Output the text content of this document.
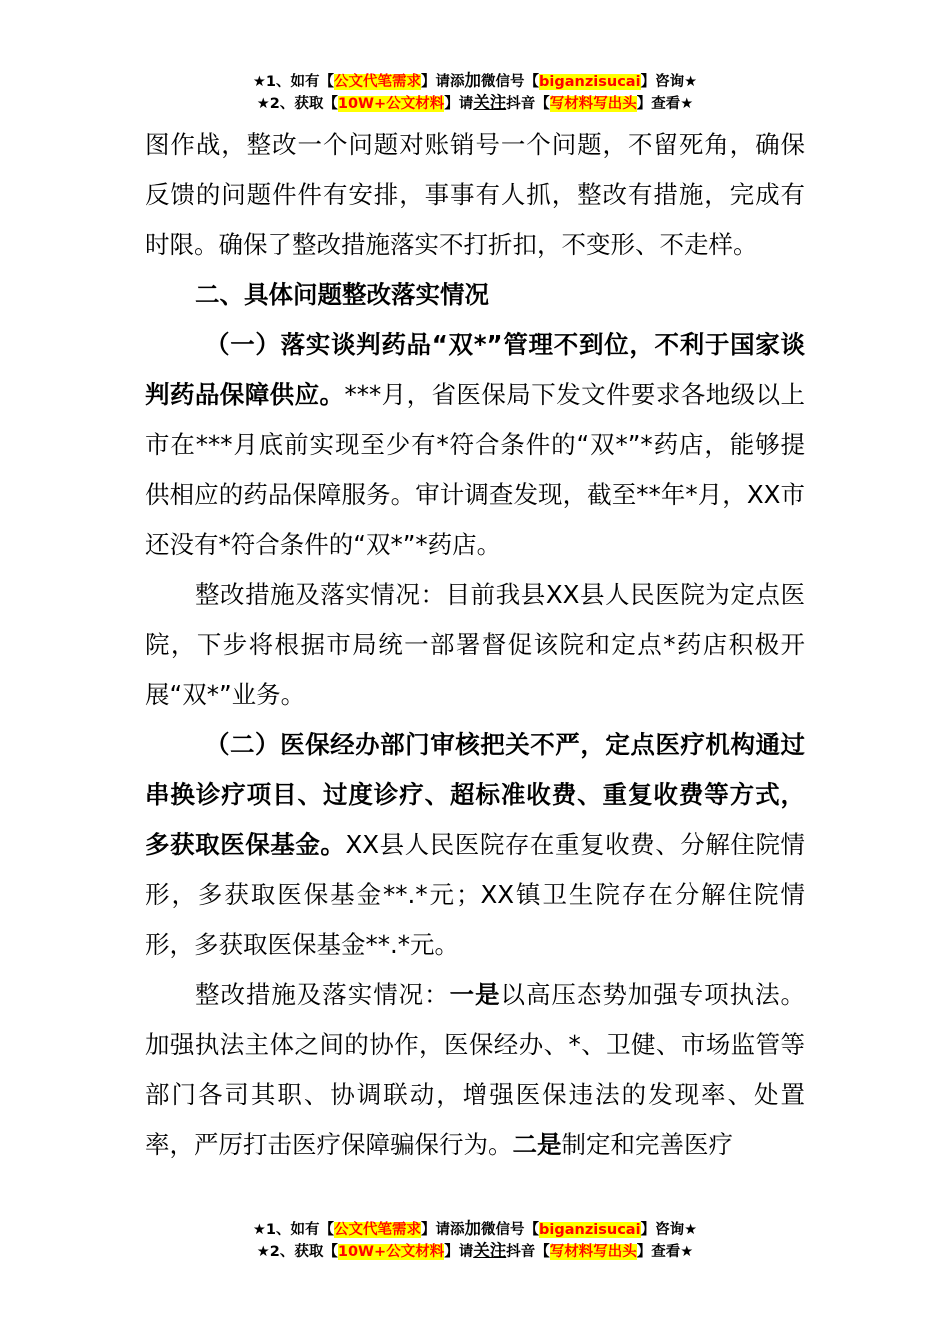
★1、如有【公文代笔需求】请添加微信号【biganzisucai】咨询★
★2、获取【10W+公文材料】请关注抖音【写材料写出头】查看★

图作战，整改一个问题对账销号一个问题，不留死角，确保反馈的问题件件有安排，事事有人抓，整改有措施，完成有时限。确保了整改措施落实不打折扣，不变形、不走样。

二、具体问题整改落实情况

（一）落实谈判药品“双*”管理不到位，不利于国家谈判药品保障供应。***月，省医保局下发文件要求各地级以上市在***月底前实现至少有*符合条件的“双*”*药店，能够提供相应的药品保障服务。审计调查发现，截至**年*月，XX市还没有*符合条件的“双*”*药店。

整改措施及落实情况：目前我县XX县人民医院为定点医院，下步将根据市局统一部署督促该院和定点*药店积极开展“双*”业务。

（二）医保经办部门审核把关不严，定点医疗机构通过串换诊疗项目、过度诊疗、超标准收费、重复收费等方式，多获取医保基金。XX县人民医院存在重复收费、分解住院情形，多获取医保基金**.*元；XX镇卫生院存在分解住院情形，多获取医保基金**.*元。

整改措施及落实情况：一是以高压态势加强专项执法。加强执法主体之间的协作，医保经办、*、卫健、市场监管等部门各司其职、协调联动，增强医保违法的发现率、处置率，严厉打击医疗保障骗保行为。二是制定和完善医疗

★1、如有【公文代笔需求】请添加微信号【biganzisucai】咨询★
★2、获取【10W+公文材料】请关注抖音【写材料写出头】查看★
